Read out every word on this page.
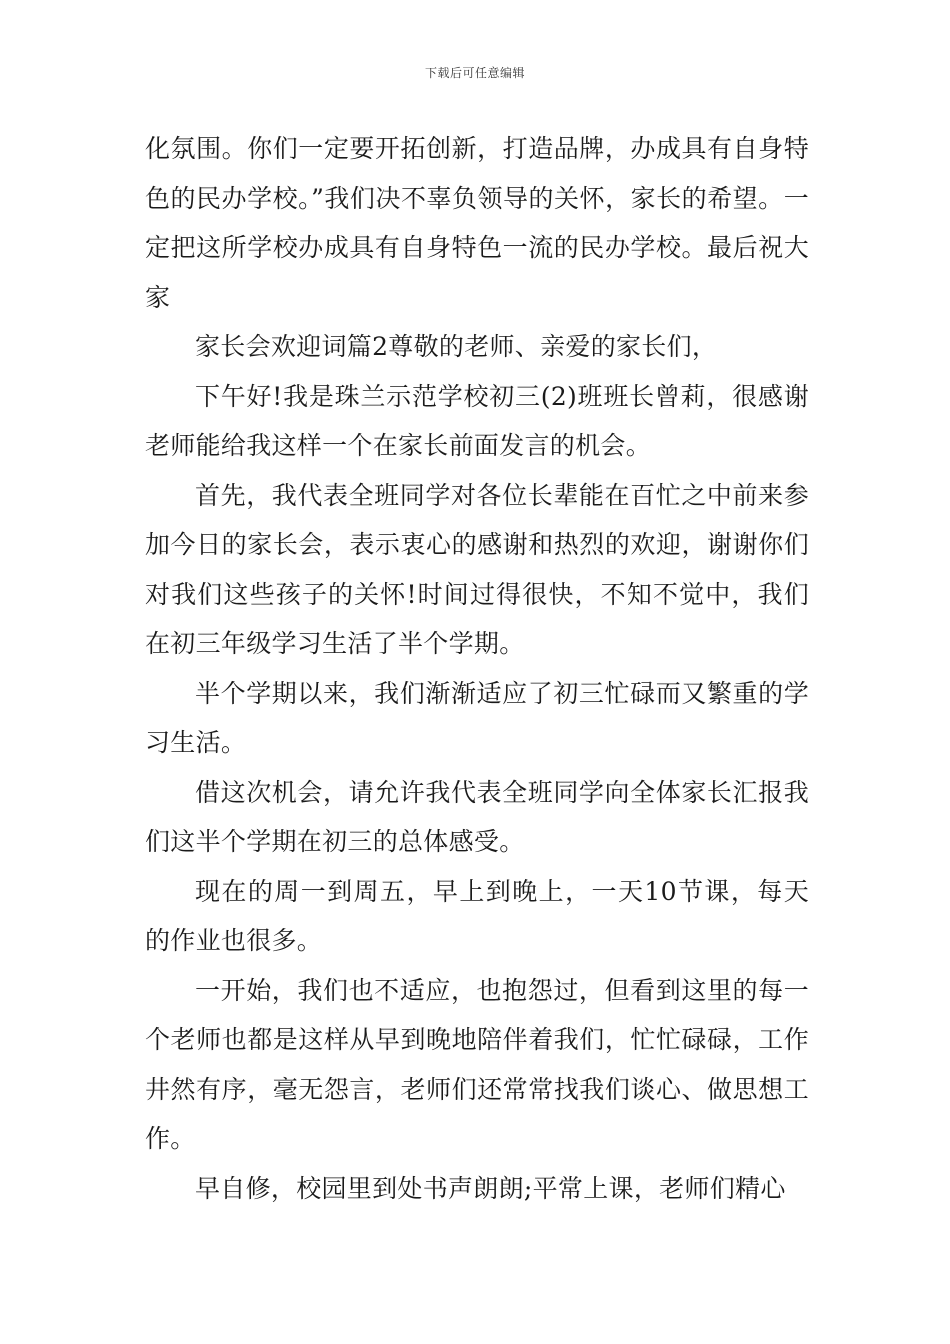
下载后可任意编辑

化氛围。你们一定要开拓创新，打造品牌，办成具有自身特色的民办学校。”我们决不辜负领导的关怀，家长的希望。一定把这所学校办成具有自身特色一流的民办学校。最后祝大家

家长会欢迎词篇2尊敬的老师、亲爱的家长们，

下午好!我是珠兰示范学校初三(2)班班长曾莉，很感谢老师能给我这样一个在家长前面发言的机会。

首先，我代表全班同学对各位长辈能在百忙之中前来参加今日的家长会，表示衷心的感谢和热烈的欢迎，谢谢你们对我们这些孩子的关怀!时间过得很快，不知不觉中，我们在初三年级学习生活了半个学期。

半个学期以来，我们渐渐适应了初三忙碌而又繁重的学习生活。

借这次机会，请允许我代表全班同学向全体家长汇报我们这半个学期在初三的总体感受。

现在的周一到周五，早上到晚上，一天10节课，每天的作业也很多。

一开始，我们也不适应，也抱怨过，但看到这里的每一个老师也都是这样从早到晚地陪伴着我们，忙忙碌碌，工作井然有序，毫无怨言，老师们还常常找我们谈心、做思想工作。

早自修，校园里到处书声朗朗;平常上课，老师们精心
